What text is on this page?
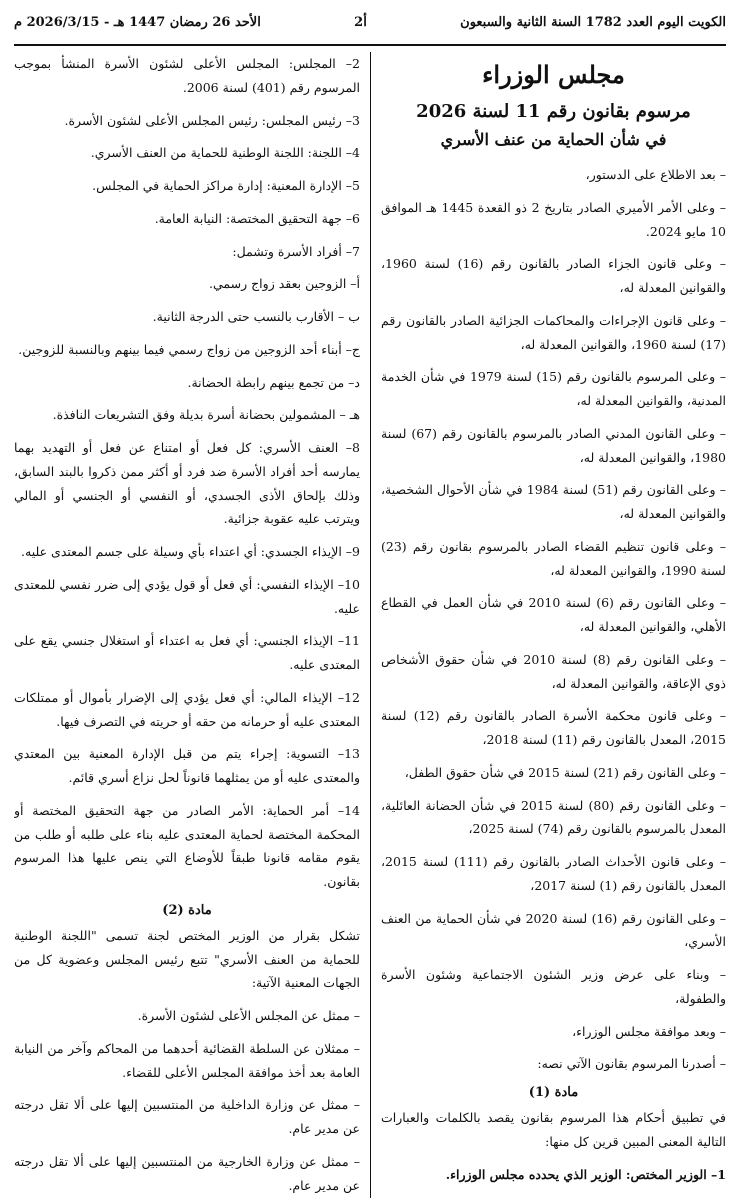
الكويت اليوم العدد 1782 السنة الثانية والسبعون
أ2
الأحد 26 رمضان 1447 هـ - 2026/3/15 م
مجلس الوزراء
مرسوم بقانون رقم 11 لسنة 2026
في شأن الحماية من عنف الأسري

– بعد الاطلاع على الدستور،

– وعلى الأمر الأميري الصادر بتاريخ 2 ذو القعدة 1445 هـ الموافق 10 مايو 2024.

– وعلى قانون الجزاء الصادر بالقانون رقم (16) لسنة 1960، والقوانين المعدلة له،

– وعلى قانون الإجراءات والمحاكمات الجزائية الصادر بالقانون رقم (17) لسنة 1960، والقوانين المعدلة له،

– وعلى المرسوم بالقانون رقم (15) لسنة 1979 في شأن الخدمة المدنية، والقوانين المعدلة له،

– وعلى القانون المدني الصادر بالمرسوم بالقانون رقم (67) لسنة 1980، والقوانين المعدلة له،

– وعلى القانون رقم (51) لسنة 1984 في شأن الأحوال الشخصية، والقوانين المعدلة له،

– وعلى قانون تنظيم القضاء الصادر بالمرسوم بقانون رقم (23) لسنة 1990، والقوانين المعدلة له،

– وعلى القانون رقم (6) لسنة 2010 في شأن العمل في القطاع الأهلي، والقوانين المعدلة له،

– وعلى القانون رقم (8) لسنة 2010 في شأن حقوق الأشخاص ذوي الإعاقة، والقوانين المعدلة له،

– وعلى قانون محكمة الأسرة الصادر بالقانون رقم (12) لسنة 2015، المعدل بالقانون رقم (11) لسنة 2018،

– وعلى القانون رقم (21) لسنة 2015 في شأن حقوق الطفل،

– وعلى القانون رقم (80) لسنة 2015 في شأن الحضانة العائلية، المعدل بالمرسوم بالقانون رقم (74) لسنة 2025،

– وعلى قانون الأحداث الصادر بالقانون رقم (111) لسنة 2015، المعدل بالقانون رقم (1) لسنة 2017،

– وعلى القانون رقم (16) لسنة 2020 في شأن الحماية من العنف الأسري،

– وبناء على عرض وزير الشئون الاجتماعية وشئون الأسرة والطفولة،

– وبعد موافقة مجلس الوزراء،

– أصدرنا المرسوم بقانون الآتي نصه:

مادة (1)

في تطبيق أحكام هذا المرسوم بقانون يقصد بالكلمات والعبارات التالية المعنى المبين قرين كل منها:

1– الوزير المختص: الوزير الذي يحدده مجلس الوزراء.

2– المجلس: المجلس الأعلى لشئون الأسرة المنشأ بموجب المرسوم رقم (401) لسنة 2006.

3– رئيس المجلس: رئيس المجلس الأعلى لشئون الأسرة.

4– اللجنة: اللجنة الوطنية للحماية من العنف الأسري.

5– الإدارة المعنية: إدارة مراكز الحماية في المجلس.

6– جهة التحقيق المختصة: النيابة العامة.

7– أفراد الأسرة وتشمل:

أ– الزوجين بعقد زواج رسمي.

ب – الأقارب بالنسب حتى الدرجة الثانية.

ج– أبناء أحد الزوجين من زواج رسمي فيما بينهم وبالنسبة للزوجين.

د– من تجمع بينهم رابطة الحضانة.

هـ – المشمولين بحضانة أسرة بديلة وفق التشريعات النافذة.

8– العنف الأسري: كل فعل أو امتناع عن فعل أو التهديد بهما يمارسه أحد أفراد الأسرة ضد فرد أو أكثر ممن ذكروا بالبند السابق، وذلك بإلحاق الأذى الجسدي، أو النفسي أو الجنسي أو المالي ويترتب عليه عقوبة جزائية.

9– الإيذاء الجسدي: أي اعتداء بأي وسيلة على جسم المعتدى عليه.

10– الإيذاء النفسي: أي فعل أو قول يؤدي إلى ضرر نفسي للمعتدى عليه.

11– الإيذاء الجنسي: أي فعل به اعتداء أو استغلال جنسي يقع على المعتدى عليه.

12– الإيذاء المالي: أي فعل يؤدي إلى الإضرار بأموال أو ممتلكات المعتدى عليه أو حرمانه من حقه أو حريته في التصرف فيها.

13– التسوية: إجراء يتم من قبل الإدارة المعنية بين المعتدي والمعتدى عليه أو من يمثلهما قانوناً لحل نزاع أسري قائم.

14– أمر الحماية: الأمر الصادر من جهة التحقيق المختصة أو المحكمة المختصة لحماية المعتدى عليه بناء على طلبه أو طلب من يقوم مقامه قانونا طبقاً للأوضاع التي ينص عليها هذا المرسوم بقانون.

مادة (2)

تشكل بقرار من الوزير المختص لجنة تسمى "اللجنة الوطنية للحماية من العنف الأسري" تتبع رئيس المجلس وعضوية كل من الجهات المعنية الآتية:

– ممثل عن المجلس الأعلى لشئون الأسرة.

– ممثلان عن السلطة القضائية أحدهما من المحاكم وآخر من النيابة العامة بعد أخذ موافقة المجلس الأعلى للقضاء.

– ممثل عن وزارة الداخلية من المنتسبين إليها على ألا تقل درجته عن مدير عام.

– ممثل عن وزارة الخارجية من المنتسبين إليها على ألا تقل درجته عن مدير عام.
